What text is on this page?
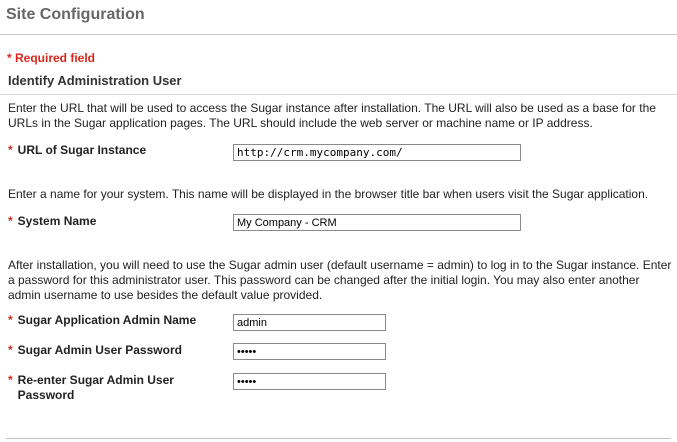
Site Configuration
* Required field
Identify Administration User
Enter the URL that will be used to access the Sugar instance after installation. The URL will also be used as a base for the URLs in the Sugar application pages. The URL should include the web server or machine name or IP address.
* URL of Sugar Instance
http://crm.mycompany.com/
Enter a name for your system. This name will be displayed in the browser title bar when users visit the Sugar application.
* System Name
My Company - CRM
After installation, you will need to use the Sugar admin user (default username = admin) to log in to the Sugar instance. Enter a password for this administrator user. This password can be changed after the initial login. You may also enter another admin username to use besides the default value provided.
* Sugar Application Admin Name
admin
* Sugar Admin User Password
•••••
* Re-enter Sugar Admin User Password
•••••
